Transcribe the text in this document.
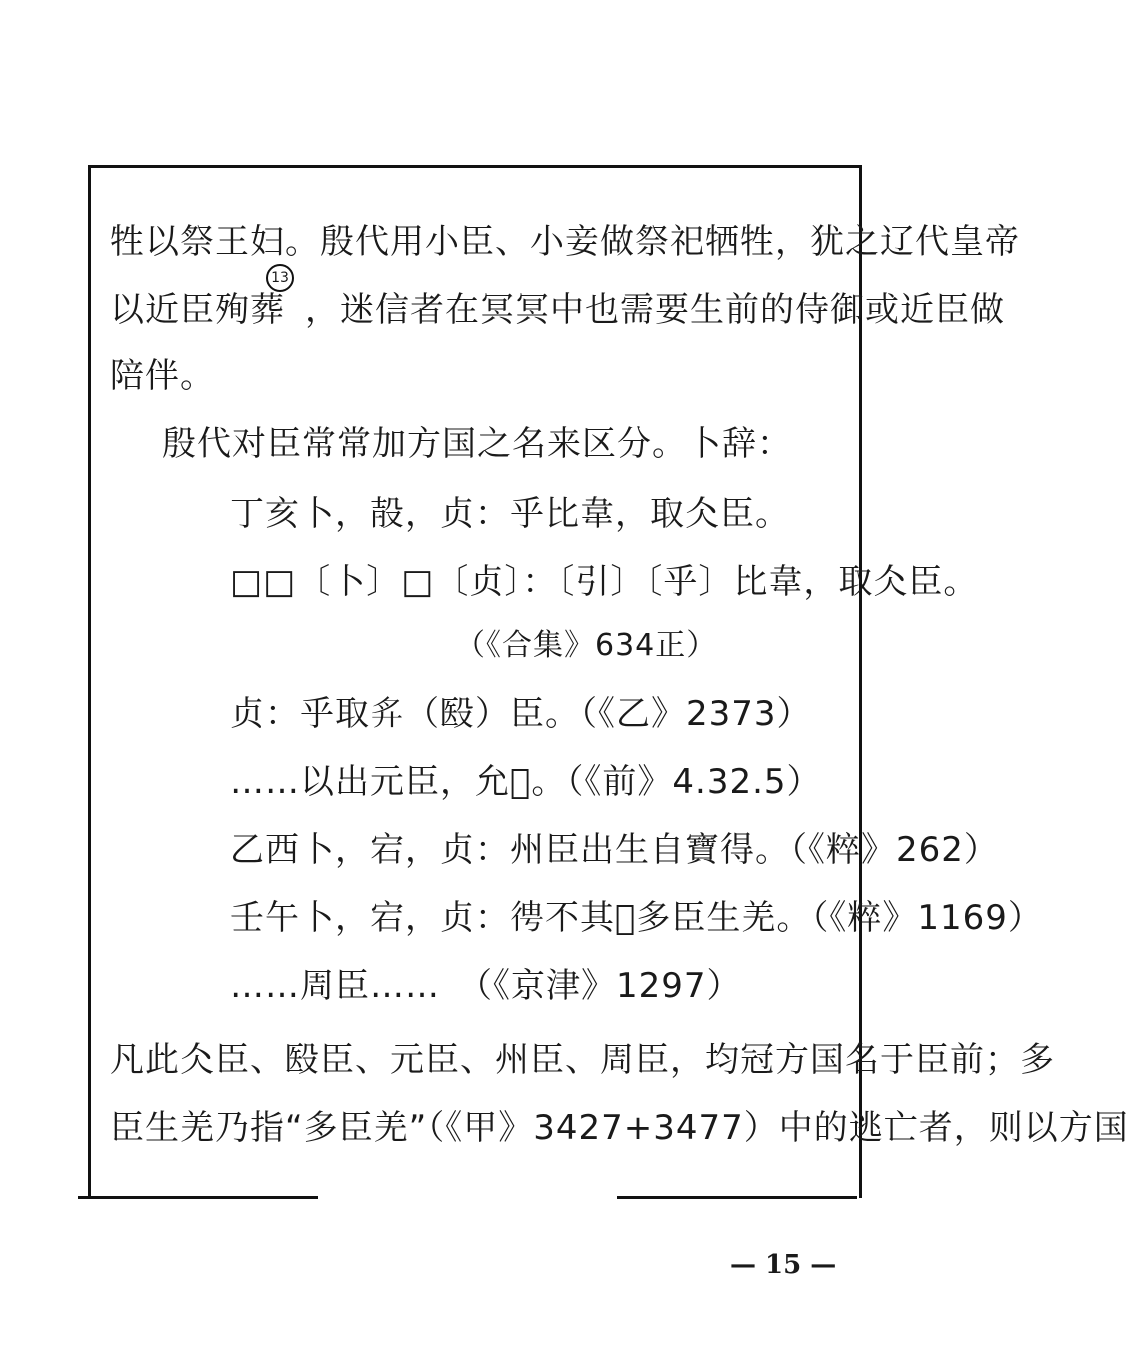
牲以祭王妇。殷代用小臣、小妾做祭祀牺牲，犹之辽代皇帝
以近臣殉葬 ，迷信者在冥冥中也需要生前的侍御或近臣做
13
陪伴。
殷代对臣常常加方国之名来区分。卜辞：
丁亥卜，㱿，贞：乎比韋，取仌臣。
□□〔卜〕□〔贞〕：〔引〕〔乎〕比韋，取仌臣。
（《合集》634正）
贞：乎取𢌳（殹）臣。（《乙》2373）
……以出元臣，允𡴒。（《前》4.32.5）
乙西卜，宕，贞：州臣出生自寶得。（《粹》262）
壬午卜，宕，贞：𢓳不其𡴒多臣生羌。（《粹》1169）
……周臣……　（《京津》1297）
凡此仌臣、殹臣、元臣、州臣、周臣，均冠方国名于臣前；多
臣生羌乃指“多臣羌”（《甲》3427+3477）中的逃亡者，则以方国
— 15 —
